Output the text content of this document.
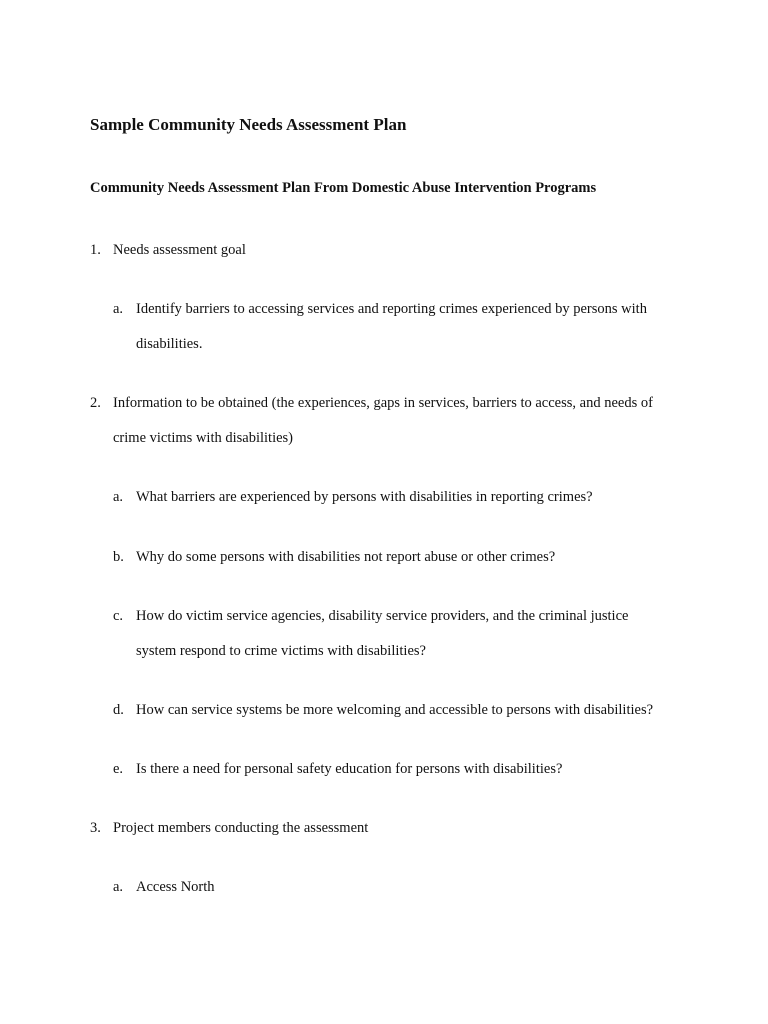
Sample Community Needs Assessment Plan
Community Needs Assessment Plan From Domestic Abuse Intervention Programs
1. Needs assessment goal
a. Identify barriers to accessing services and reporting crimes experienced by persons with
disabilities.
2. Information to be obtained (the experiences, gaps in services, barriers to access, and needs of
crime victims with disabilities)
a. What barriers are experienced by persons with disabilities in reporting crimes?
b. Why do some persons with disabilities not report abuse or other crimes?
c. How do victim service agencies, disability service providers, and the criminal justice
system respond to crime victims with disabilities?
d. How can service systems be more welcoming and accessible to persons with disabilities?
e. Is there a need for personal safety education for persons with disabilities?
3. Project members conducting the assessment
a. Access North
